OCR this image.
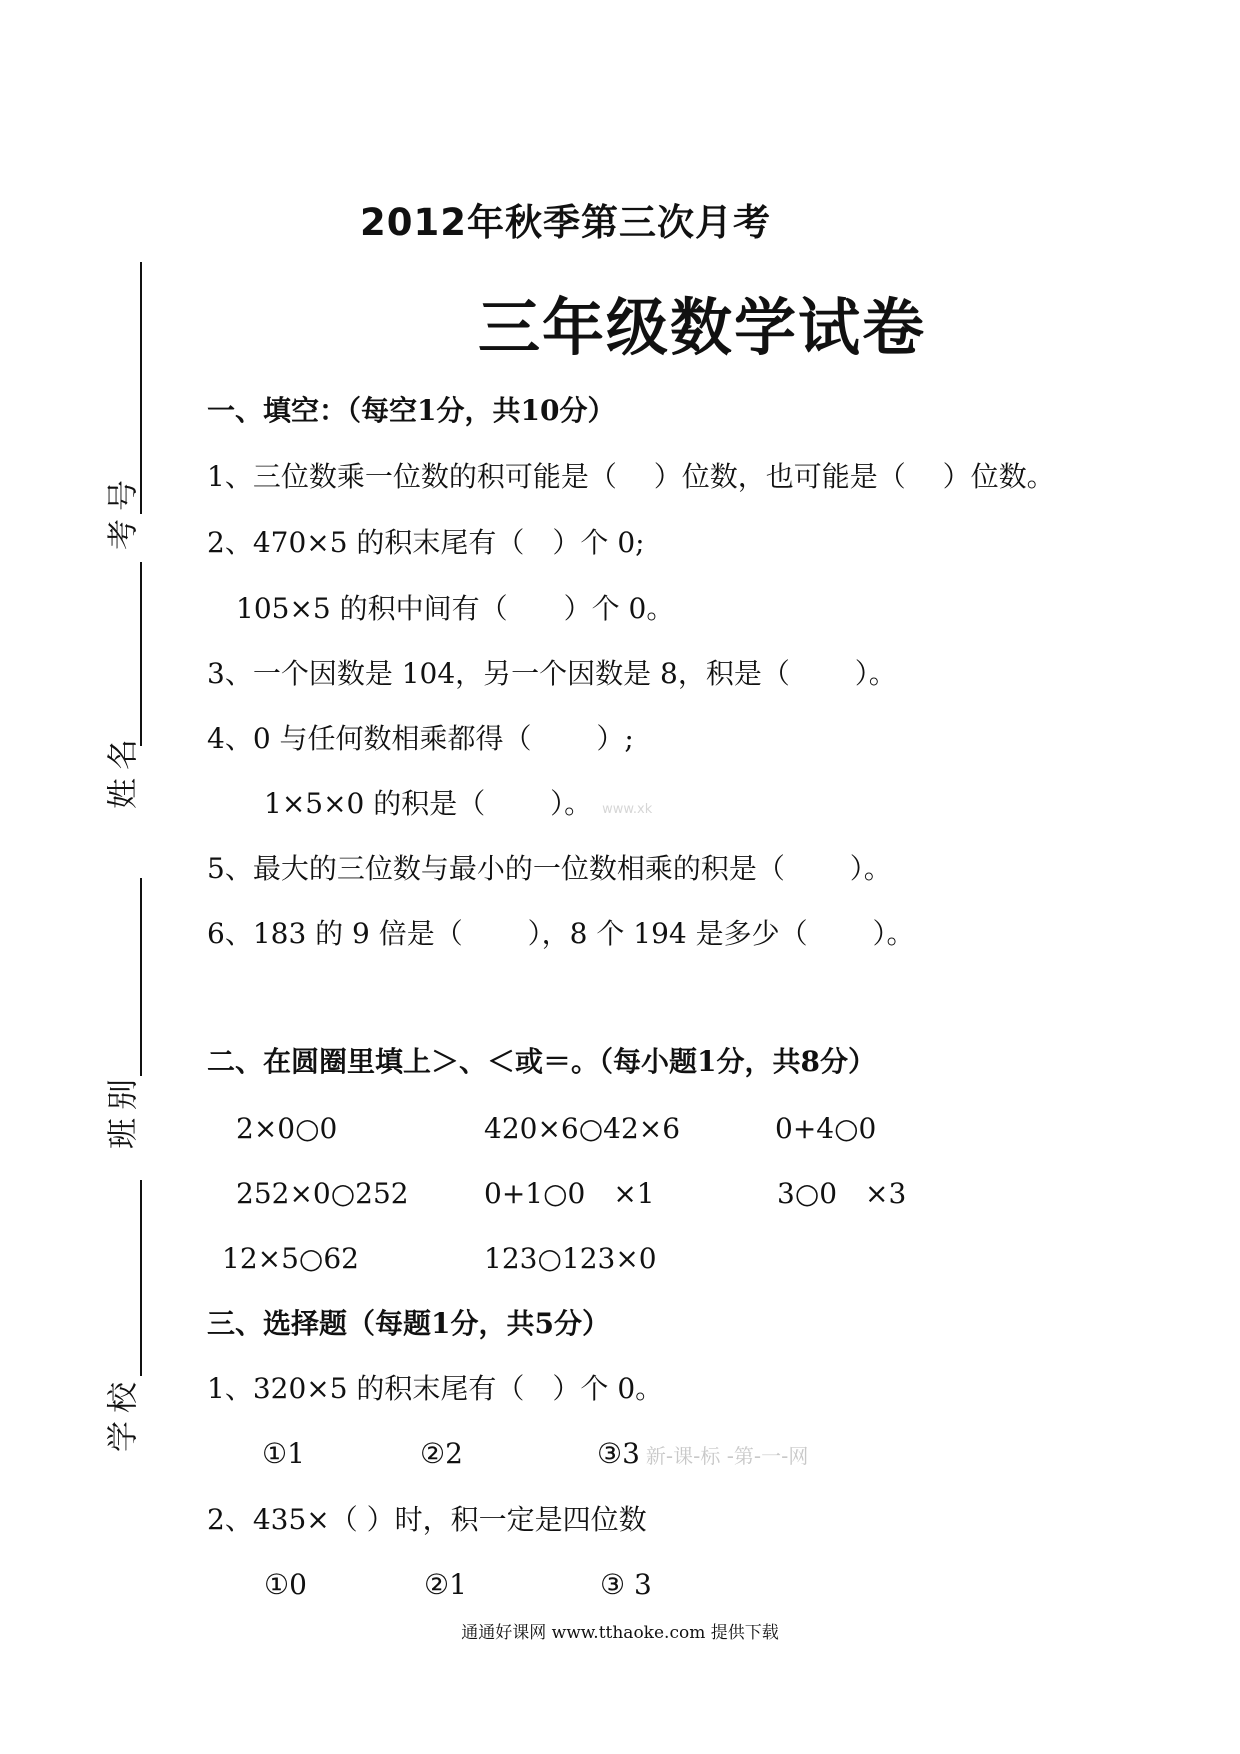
考号
姓名
班别
学校
2012年秋季第三次月考
三年级数学试卷
一、填空：（每空1分，共10分）
1、三位数乘一位数的积可能是（　 ）位数，也可能是（　 ）位数。
2、470×5 的积末尾有（　）个 0;
105×5 的积中间有（　　）个 0。
3、一个因数是 104，另一个因数是 8，积是（　　 ）。
4、0 与任何数相乘都得（　　 ）;
1×5×0 的积是（　　 ）。 www.xk
5、最大的三位数与最小的一位数相乘的积是（　　 ）。
6、183 的 9 倍是（　　 ），8 个 194 是多少（　　 ）。
二、在圆圈里填上＞、＜或＝。（每小题1分，共8分）
2×0○0	420×6○42×6	0+4○0
252×0○252	0+1○0　×1	3○0　×3
12×5○62	123○123×0
三、选择题（每题1分，共5分）
1、320×5 的积末尾有（　）个 0。
①1	②2	③3 新-课-标 -第-一-网
2、435×（ ）时，积一定是四位数
①0	②1	③ 3
通通好课网 www.tthaoke.com 提供下载
